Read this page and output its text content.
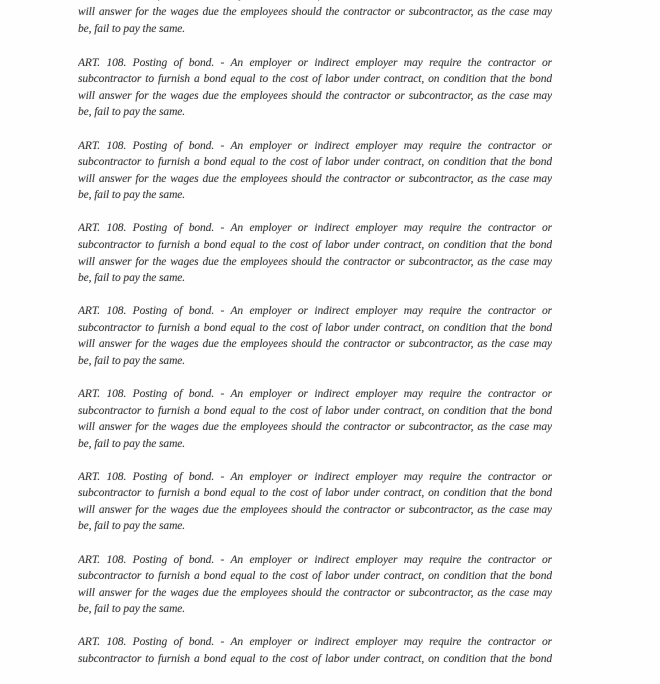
will answer for the wages due the employees should the contractor or subcontractor, as the case may
be, fail to pay the same.
ART. 108. Posting of bond. - An employer or indirect employer may require the contractor or
subcontractor to furnish a bond equal to the cost of labor under contract, on condition that the bond
will answer for the wages due the employees should the contractor or subcontractor, as the case may
be, fail to pay the same.
ART. 108. Posting of bond. - An employer or indirect employer may require the contractor or
subcontractor to furnish a bond equal to the cost of labor under contract, on condition that the bond
will answer for the wages due the employees should the contractor or subcontractor, as the case may
be, fail to pay the same.
ART. 108. Posting of bond. - An employer or indirect employer may require the contractor or
subcontractor to furnish a bond equal to the cost of labor under contract, on condition that the bond
will answer for the wages due the employees should the contractor or subcontractor, as the case may
be, fail to pay the same.
ART. 108. Posting of bond. - An employer or indirect employer may require the contractor or
subcontractor to furnish a bond equal to the cost of labor under contract, on condition that the bond
will answer for the wages due the employees should the contractor or subcontractor, as the case may
be, fail to pay the same.
ART. 108. Posting of bond. - An employer or indirect employer may require the contractor or
subcontractor to furnish a bond equal to the cost of labor under contract, on condition that the bond
will answer for the wages due the employees should the contractor or subcontractor, as the case may
be, fail to pay the same.
ART. 108. Posting of bond. - An employer or indirect employer may require the contractor or
subcontractor to furnish a bond equal to the cost of labor under contract, on condition that the bond
will answer for the wages due the employees should the contractor or subcontractor, as the case may
be, fail to pay the same.
ART. 108. Posting of bond. - An employer or indirect employer may require the contractor or
subcontractor to furnish a bond equal to the cost of labor under contract, on condition that the bond
will answer for the wages due the employees should the contractor or subcontractor, as the case may
be, fail to pay the same.
ART. 108. Posting of bond. - An employer or indirect employer may require the contractor or
subcontractor to furnish a bond equal to the cost of labor under contract, on condition that the bond
